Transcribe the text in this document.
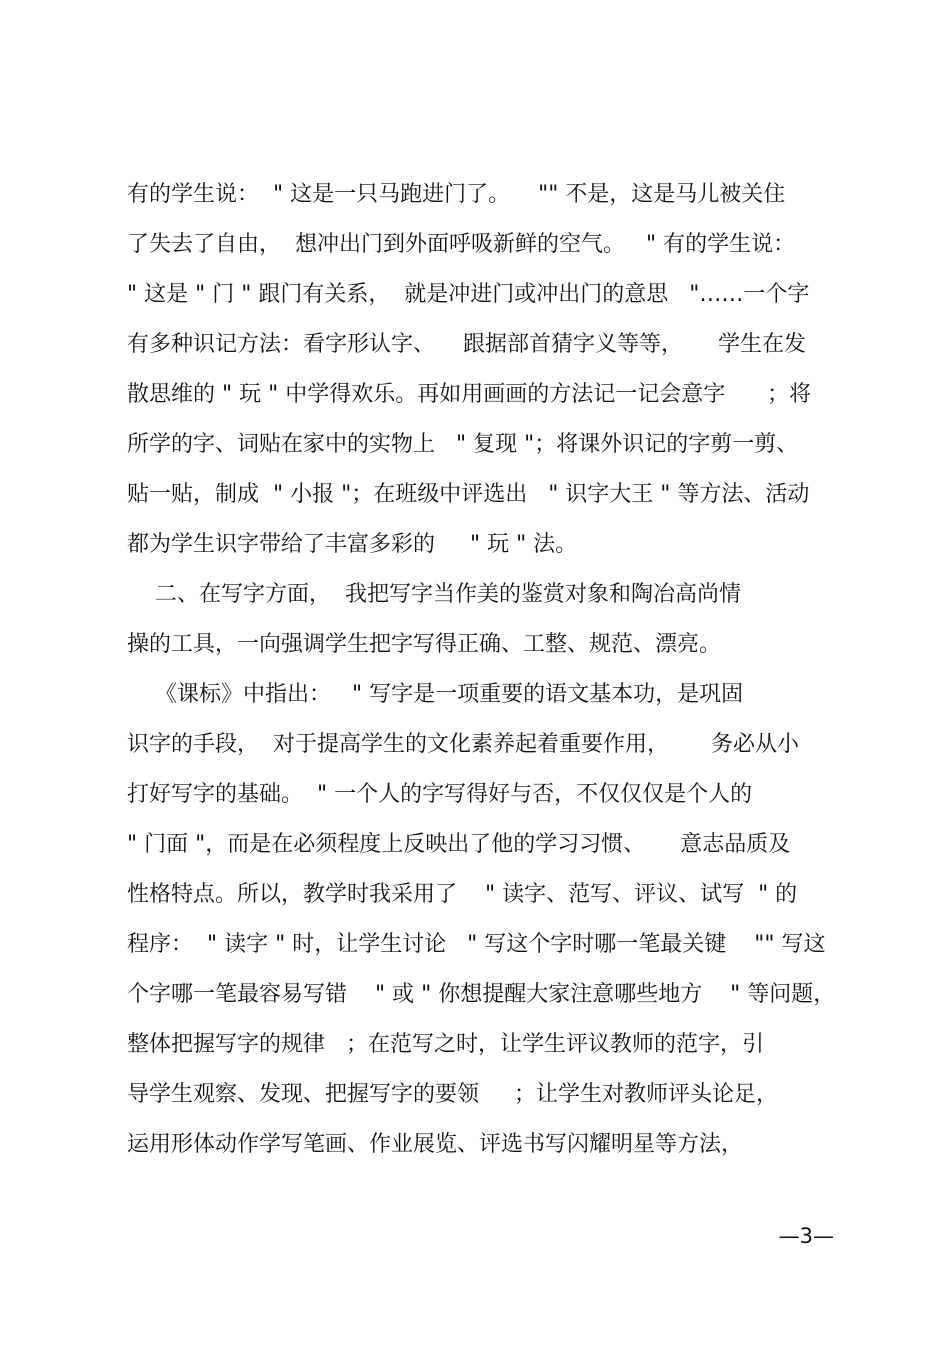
有的学生说：  " 这是一只马跑进门了。    "" 不是，这是马儿被关住
了失去了自由，  想冲出门到外面呼吸新鲜的空气。   " 有的学生说：
" 这是 " 门 " 跟门有关系，  就是冲进门或冲出门的意思   "……一个字
有多种识记方法：看字形认字、    跟据部首猜字义等等，     学生在发
散思维的 " 玩 " 中学得欢乐。再如用画画的方法记一记会意字      ；将
所学的字、词贴在家中的实物上   " 复现 "；将课外识记的字剪一剪、
贴一贴，制成  " 小报 "；在班级中评选出   " 识字大王 " 等方法、活动
都为学生识字带给了丰富多彩的     " 玩 " 法。
二、在写字方面，  我把写字当作美的鉴赏对象和陶冶高尚情
操的工具，一向强调学生把字写得正确、工整、规范、漂亮。
《课标》中指出：   " 写字是一项重要的语文基本功，是巩固
识字的手段，  对于提高学生的文化素养起着重要作用，      务必从小
打好写字的基础。  " 一个人的字写得好与否，不仅仅仅是个人的
" 门面 "，而是在必须程度上反映出了他的学习习惯、     意志品质及
性格特点。所以，教学时我采用了    " 读字、范写、评议、试写  " 的
程序：  " 读字 " 时，让学生讨论   " 写这个字时哪一笔最关键    "" 写这
个字哪一笔最容易写错    " 或 " 你想提醒大家注意哪些地方    " 等问题，
整体把握写字的规律   ；在范写之时，让学生评议教师的范字，引
导学生观察、发现、把握写字的要领     ；让学生对教师评头论足，
运用形体动作学写笔画、作业展览、评选书写闪耀明星等方法，
—3—
